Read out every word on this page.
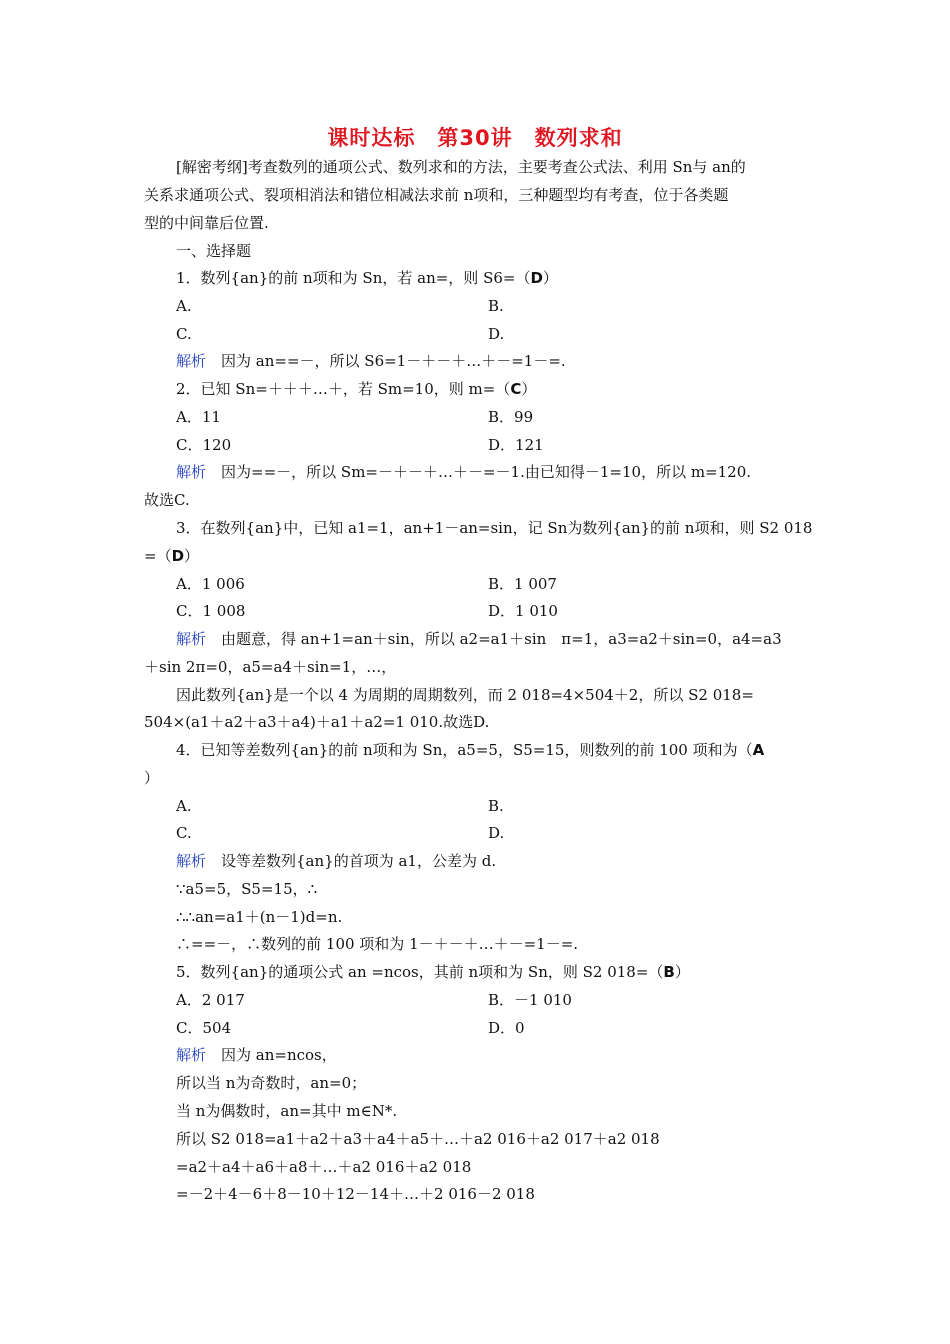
课时达标　第30讲　数列求和
[解密考纲]考查数列的通项公式、数列求和的方法，主要考查公式法、利用 Sn与 an的
关系求通项公式、裂项相消法和错位相减法求前 n项和，三种题型均有考查，位于各类题
型的中间靠后位置.
一、选择题
1．数列{an}的前 n项和为 Sn，若 an=，则 S6=（D）
A.	B.
C.	D.
解析　因为 an==－，所以 S6=1－＋－＋…＋－=1－=.
2．已知 Sn=＋＋＋…＋，若 Sm=10，则 m=（C）
A．11	B．99
C．120	D．121
解析　因为==－，所以 Sm=－＋－＋…＋－=－1.由已知得－1=10，所以 m=120.
故选C.
3．在数列{an}中，已知 a1=1，an+1－an=sin，记 Sn为数列{an}的前 n项和，则 S2 018
=（D）
A．1 006	B．1 007
C．1 008	D．1 010
解析　由题意，得 an+1=an＋sin，所以 a2=a1＋sin　π=1，a3=a2＋sin=0，a4=a3
＋sin 2π=0，a5=a4＋sin=1，…，
因此数列{an}是一个以 4 为周期的周期数列，而 2 018=4×504＋2，所以 S2 018=
504×(a1＋a2＋a3＋a4)＋a1＋a2=1 010.故选D.
4．已知等差数列{an}的前 n项和为 Sn，a5=5，S5=15，则数列的前 100 项和为（A
）
A.	B.
C.	D.
解析　设等差数列{an}的首项为 a1，公差为 d.
∵a5=5，S5=15，∴
∴∴an=a1＋(n－1)d=n.
∴==－，∴数列的前 100 项和为 1－＋－＋…＋－=1－=.
5．数列{an}的通项公式 an =ncos，其前 n项和为 Sn，则 S2 018=（B）
A．2 017	B．－1 010
C．504	D．0
解析　因为 an=ncos，
所以当 n为奇数时，an=0；
当 n为偶数时，an=其中 m∈N*.
所以 S2 018=a1＋a2＋a3＋a4＋a5＋…＋a2 016＋a2 017＋a2 018
=a2＋a4＋a6＋a8＋…＋a2 016＋a2 018
=－2＋4－6＋8－10＋12－14＋…＋2 016－2 018
